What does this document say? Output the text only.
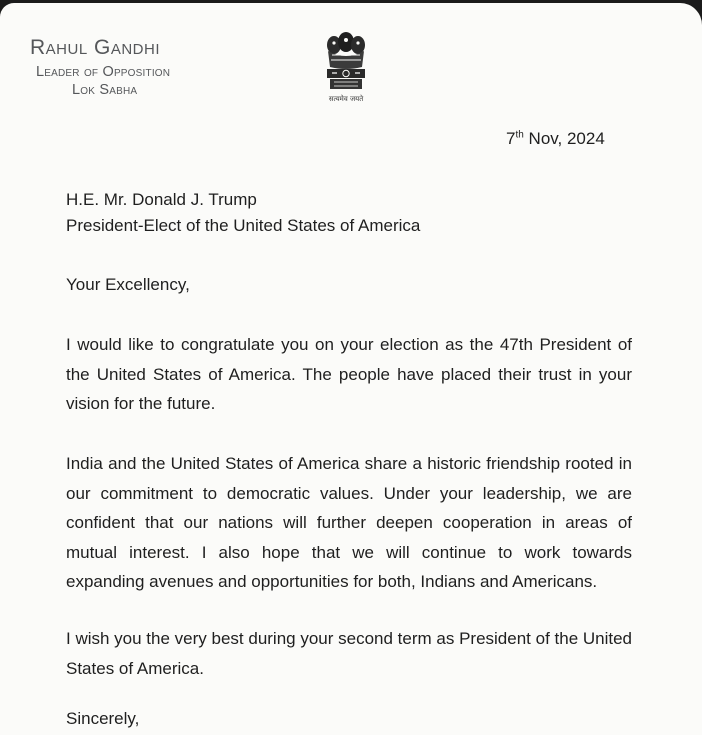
Rahul Gandhi
Leader of Opposition
Lok Sabha
सत्यमेव जयते
7th Nov, 2024
H.E. Mr. Donald J. Trump
President-Elect of the United States of America
Your Excellency,
I would like to congratulate you on your election as the 47th President of the United States of America. The people have placed their trust in your vision for the future.
India and the United States of America share a historic friendship rooted in our commitment to democratic values. Under your leadership, we are confident that our nations will further deepen cooperation in areas of mutual interest. I also hope that we will continue to work towards expanding avenues and opportunities for both, Indians and Americans.
I wish you the very best during your second term as President of the United States of America.
Sincerely,
